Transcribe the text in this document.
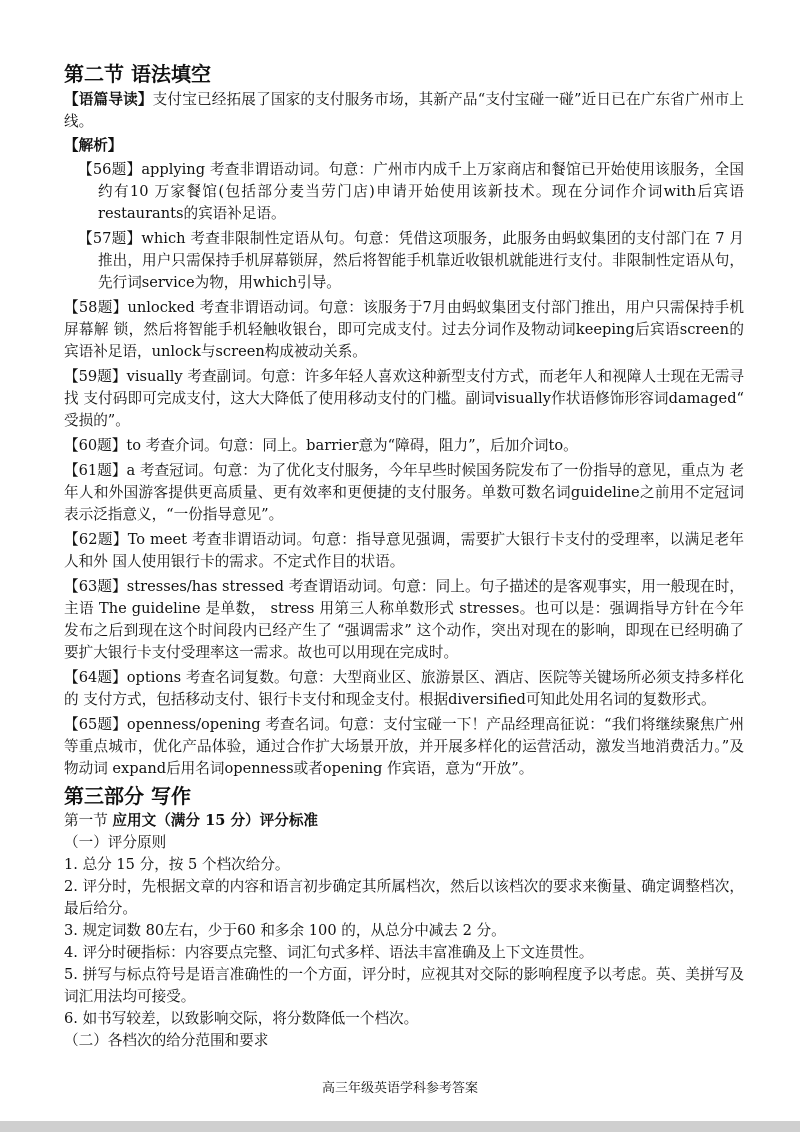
第二节 语法填空

【语篇导读】支付宝已经拓展了国家的支付服务市场，其新产品“支付宝碰一碰”近日已在广东省广州市上线。

【解析】

【56题】applying 考查非谓语动词。句意：广州市内成千上万家商店和餐馆已开始使用该服务，全国约有10 万家餐馆(包括部分麦当劳门店)申请开始使用该新技术。现在分词作介词with后宾语restaurants的宾语补足语。

【57题】which 考查非限制性定语从句。句意：凭借这项服务，此服务由蚂蚁集团的支付部门在 7 月推出，用户只需保持手机屏幕锁屏，然后将智能手机靠近收银机就能进行支付。非限制性定语从句，先行词service为物，用which引导。

【58题】unlocked 考查非谓语动词。句意：该服务于7月由蚂蚁集团支付部门推出，用户只需保持手机屏幕解 锁，然后将智能手机轻触收银台，即可完成支付。过去分词作及物动词keeping后宾语screen的宾语补足语，unlock与screen构成被动关系。

【59题】visually 考查副词。句意：许多年轻人喜欢这种新型支付方式，而老年人和视障人士现在无需寻找 支付码即可完成支付，这大大降低了使用移动支付的门槛。副词visually作状语修饰形容词damaged“ 受损的”。

【60题】to 考查介词。句意：同上。barrier意为“障碍，阻力”，后加介词to。

【61题】a 考查冠词。句意：为了优化支付服务，今年早些时候国务院发布了一份指导的意见，重点为 老年人和外国游客提供更高质量、更有效率和更便捷的支付服务。单数可数名词guideline之前用不定冠词表示泛指意义，“一份指导意见”。

【62题】To meet 考查非谓语动词。句意：指导意见强调，需要扩大银行卡支付的受理率，以满足老年人和外 国人使用银行卡的需求。不定式作目的状语。

【63题】stresses/has stressed 考查谓语动词。句意：同上。句子描述的是客观事实，用一般现在时，主语 The guideline 是单数， stress 用第三人称单数形式 stresses。也可以是：强调指导方针在今年发布之后到现在这个时间段内已经产生了 “强调需求” 这个动作，突出对现在的影响，即现在已经明确了要扩大银行卡支付受理率这一需求。故也可以用现在完成时。

【64题】options 考查名词复数。句意：大型商业区、旅游景区、酒店、医院等关键场所必须支持多样化的 支付方式，包括移动支付、银行卡支付和现金支付。根据diversified可知此处用名词的复数形式。

【65题】openness/opening 考查名词。句意：支付宝碰一下！产品经理高征说：“我们将继续聚焦广州等重点城市，优化产品体验，通过合作扩大场景开放，并开展多样化的运营活动，激发当地消费活力。”及物动词 expand后用名词openness或者opening 作宾语，意为“开放”。

第三部分 写作

第一节 应用文（满分 15 分）评分标准

（一）评分原则

1. 总分 15 分，按 5 个档次给分。

2. 评分时，先根据文章的内容和语言初步确定其所属档次，然后以该档次的要求来衡量、确定调整档次，最后给分。

3. 规定词数 80左右，少于60 和多余 100 的，从总分中减去 2 分。

4. 评分时硬指标：内容要点完整、词汇句式多样、语法丰富准确及上下文连贯性。

5. 拼写与标点符号是语言准确性的一个方面，评分时，应视其对交际的影响程度予以考虑。英、美拼写及词汇用法均可接受。

6. 如书写较差，以致影响交际，将分数降低一个档次。

（二）各档次的给分范围和要求

高三年级英语学科参考答案
